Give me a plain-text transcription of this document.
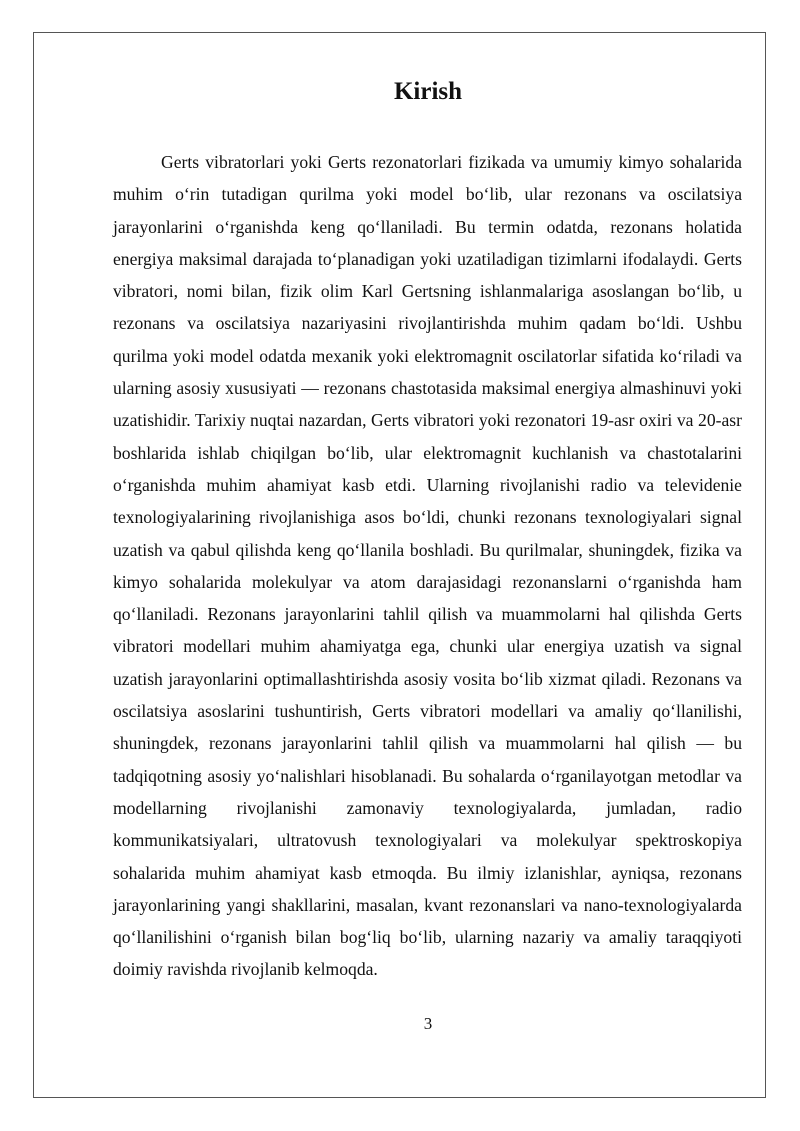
Kirish

Gerts vibratorlari yoki Gerts rezonatorlari fizikada va umumiy kimyo sohalarida muhim o‘rin tutadigan qurilma yoki model bo‘lib, ular rezonans va oscilatsiya jarayonlarini o‘rganishda keng qo‘llaniladi. Bu termin odatda, rezonans holatida energiya maksimal darajada to‘planadigan yoki uzatiladigan tizimlarni ifodalaydi. Gerts vibratori, nomi bilan, fizik olim Karl Gertsning ishlanmalariga asoslangan bo‘lib, u rezonans va oscilatsiya nazariyasini rivojlantirishda muhim qadam bo‘ldi. Ushbu qurilma yoki model odatda mexanik yoki elektromagnit oscilatorlar sifatida ko‘riladi va ularning asosiy xususiyati — rezonans chastotasida maksimal energiya almashinuvi yoki uzatishidir. Tarixiy nuqtai nazardan, Gerts vibratori yoki rezonatori 19-asr oxiri va 20-asr boshlarida ishlab chiqilgan bo‘lib, ular elektromagnit kuchlanish va chastotalarini o‘rganishda muhim ahamiyat kasb etdi. Ularning rivojlanishi radio va televidenie texnologiyalarining rivojlanishiga asos bo‘ldi, chunki rezonans texnologiyalari signal uzatish va qabul qilishda keng qo‘llanila boshladi. Bu qurilmalar, shuningdek, fizika va kimyo sohalarida molekulyar va atom darajasidagi rezonanslarni o‘rganishda ham qo‘llaniladi. Rezonans jarayonlarini tahlil qilish va muammolarni hal qilishda Gerts vibratori modellari muhim ahamiyatga ega, chunki ular energiya uzatish va signal uzatish jarayonlarini optimallashtirishda asosiy vosita bo‘lib xizmat qiladi. Rezonans va oscilatsiya asoslarini tushuntirish, Gerts vibratori modellari va amaliy qo‘llanilishi, shuningdek, rezonans jarayonlarini tahlil qilish va muammolarni hal qilish — bu tadqiqotning asosiy yo‘nalishlari hisoblanadi. Bu sohalarda o‘rganilayotgan metodlar va modellarning rivojlanishi zamonaviy texnologiyalarda, jumladan, radio kommunikatsiyalari, ultratovush texnologiyalari va molekulyar spektroskopiya sohalarida muhim ahamiyat kasb etmoqda. Bu ilmiy izlanishlar, ayniqsa, rezonans jarayonlarining yangi shakllarini, masalan, kvant rezonanslari va nano-texnologiyalarda qo‘llanilishini o‘rganish bilan bog‘liq bo‘lib, ularning nazariy va amaliy taraqqiyoti doimiy ravishda rivojlanib kelmoqda.

3
